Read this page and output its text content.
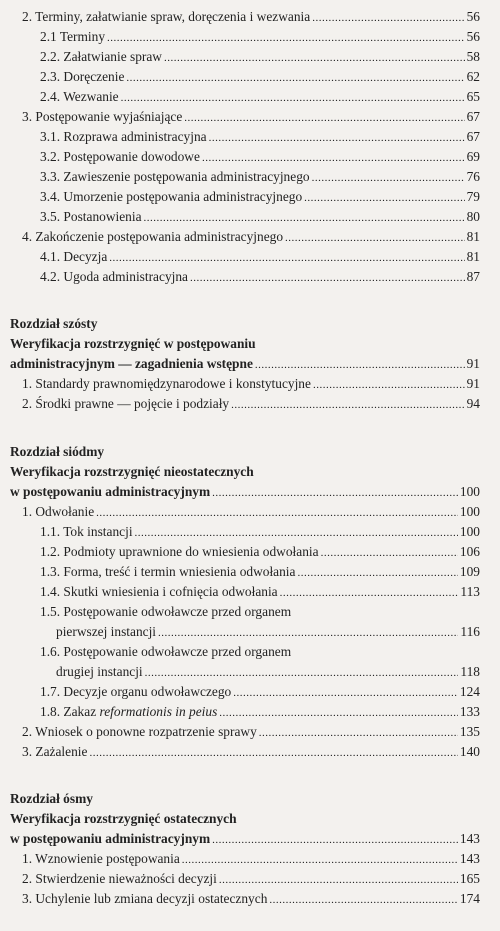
2. Terminy, załatwianie spraw, doręczenia i wezwania .....	56
2.1 Terminy .....	56
2.2. Załatwianie spraw .....	58
2.3. Doręczenie .....	62
2.4. Wezwanie .....	65
3. Postępowanie wyjaśniające .....	67
3.1. Rozprawa administracyjna .....	67
3.2. Postępowanie dowodowe .....	69
3.3. Zawieszenie postępowania administracyjnego .....	76
3.4. Umorzenie postępowania administracyjnego .....	79
3.5. Postanowienia .....	80
4. Zakończenie postępowania administracyjnego .....	81
4.1. Decyzja .....	81
4.2. Ugoda administracyjna .....	87
Rozdział szósty
Weryfikacja rozstrzygnięć w postępowaniu
administracyjnym — zagadnienia wstępne .....	91
1. Standardy prawnomiędzynarodowe i konstytucyjne .....	91
2. Środki prawne — pojęcie i podziały .....	94
Rozdział siódmy
Weryfikacja rozstrzygnięć nieostatecznych
w postępowaniu administracyjnym .....	100
1. Odwołanie .....	100
1.1. Tok instancji .....	100
1.2. Podmioty uprawnione do wniesienia odwołania .....	106
1.3. Forma, treść i termin wniesienia odwołania .....	109
1.4. Skutki wniesienia i cofnięcia odwołania .....	113
1.5. Postępowanie odwoławcze przed organem
pierwszej instancji .....	116
1.6. Postępowanie odwoławcze przed organem
drugiej instancji .....	118
1.7. Decyzje organu odwoławczego .....	124
1.8. Zakaz reformationis in peius .....	133
2. Wniosek o ponowne rozpatrzenie sprawy .....	135
3. Zażalenie .....	140
Rozdział ósmy
Weryfikacja rozstrzygnięć ostatecznych
w postępowaniu administracyjnym .....	143
1. Wznowienie postępowania .....	143
2. Stwierdzenie nieważności decyzji .....	165
3. Uchylenie lub zmiana decyzji ostatecznych .....	174
